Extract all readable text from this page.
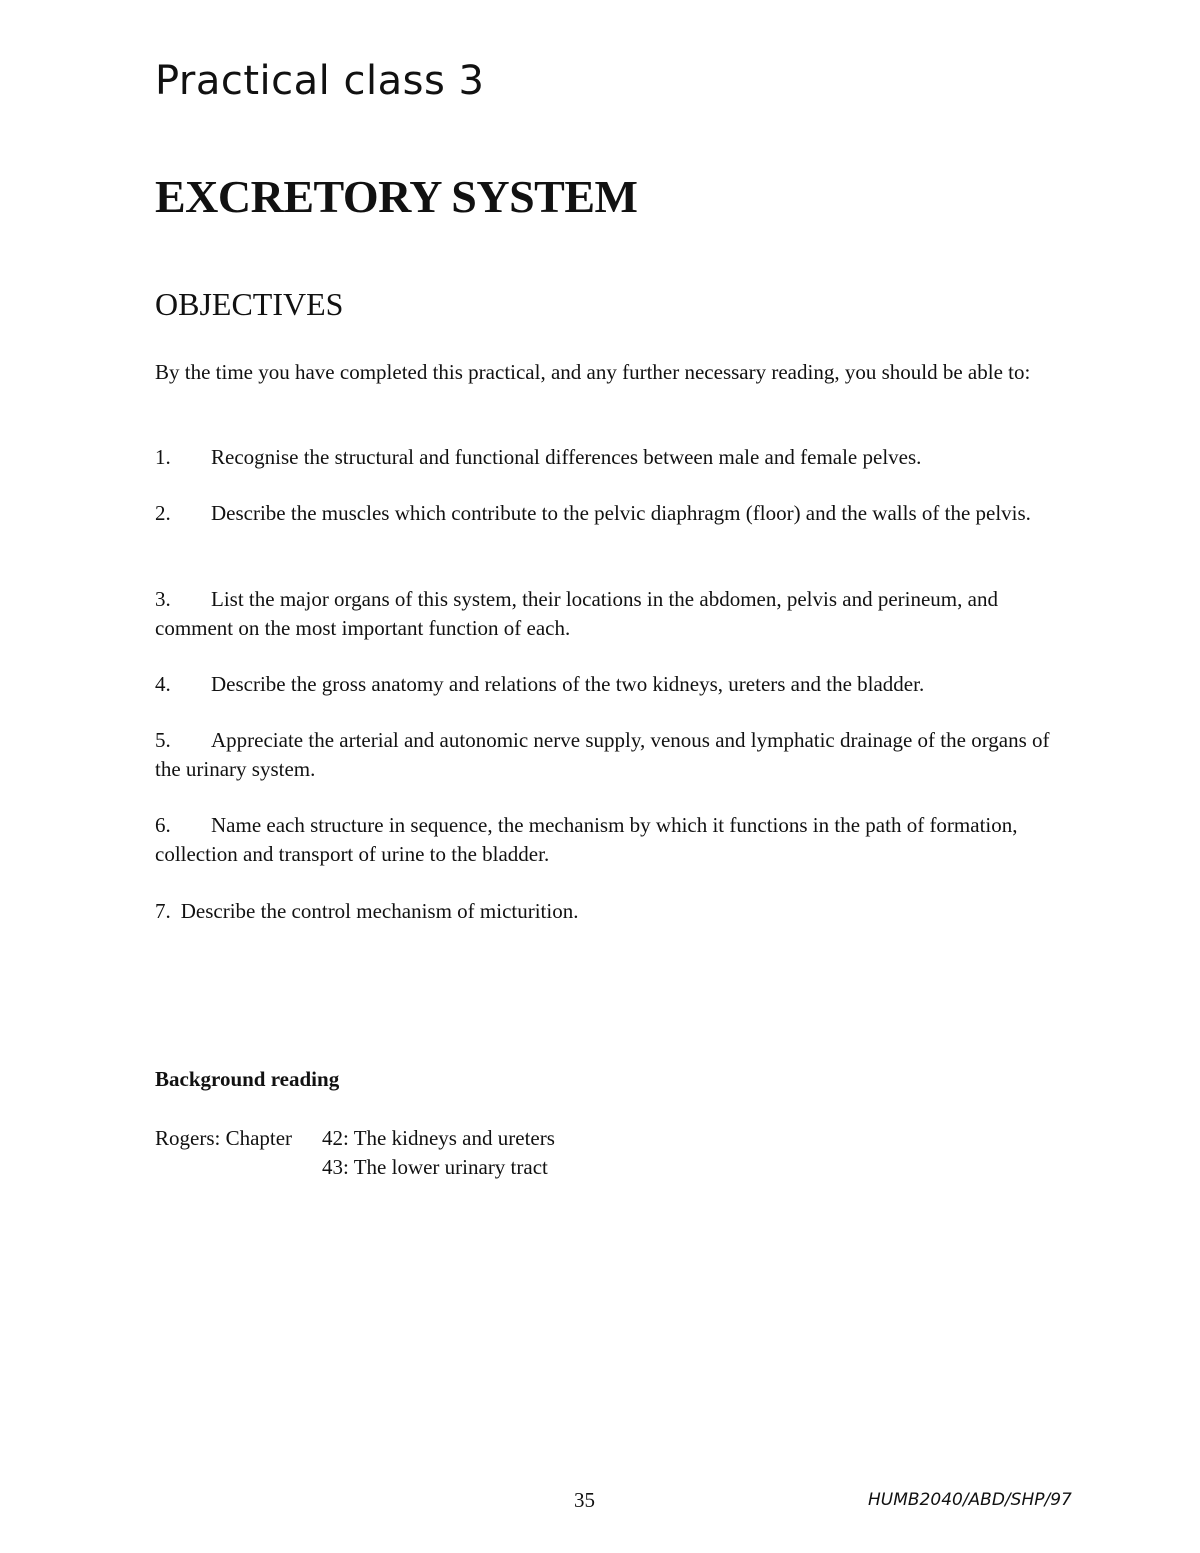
Practical class 3
EXCRETORY SYSTEM
OBJECTIVES
By the time you have completed this practical, and any further necessary reading, you should be able to:
1. Recognise the structural and functional differences between male and female pelves.
2. Describe the muscles which contribute to the pelvic diaphragm (floor) and the walls of the pelvis.
3. List the major organs of this system, their locations in the abdomen, pelvis and perineum, and comment on the most important function of each.
4. Describe the gross anatomy and relations of the two kidneys, ureters and the bladder.
5. Appreciate the arterial and autonomic nerve supply, venous and lymphatic drainage of the organs of the urinary system.
6. Name each structure in sequence, the mechanism by which it functions in the path of formation, collection and transport of urine to the bladder.
7. Describe the control mechanism of micturition.
Background reading
Rogers: Chapter	42: The kidneys and ureters
43: The lower urinary tract
35	HUMB2040/ABD/SHP/97
